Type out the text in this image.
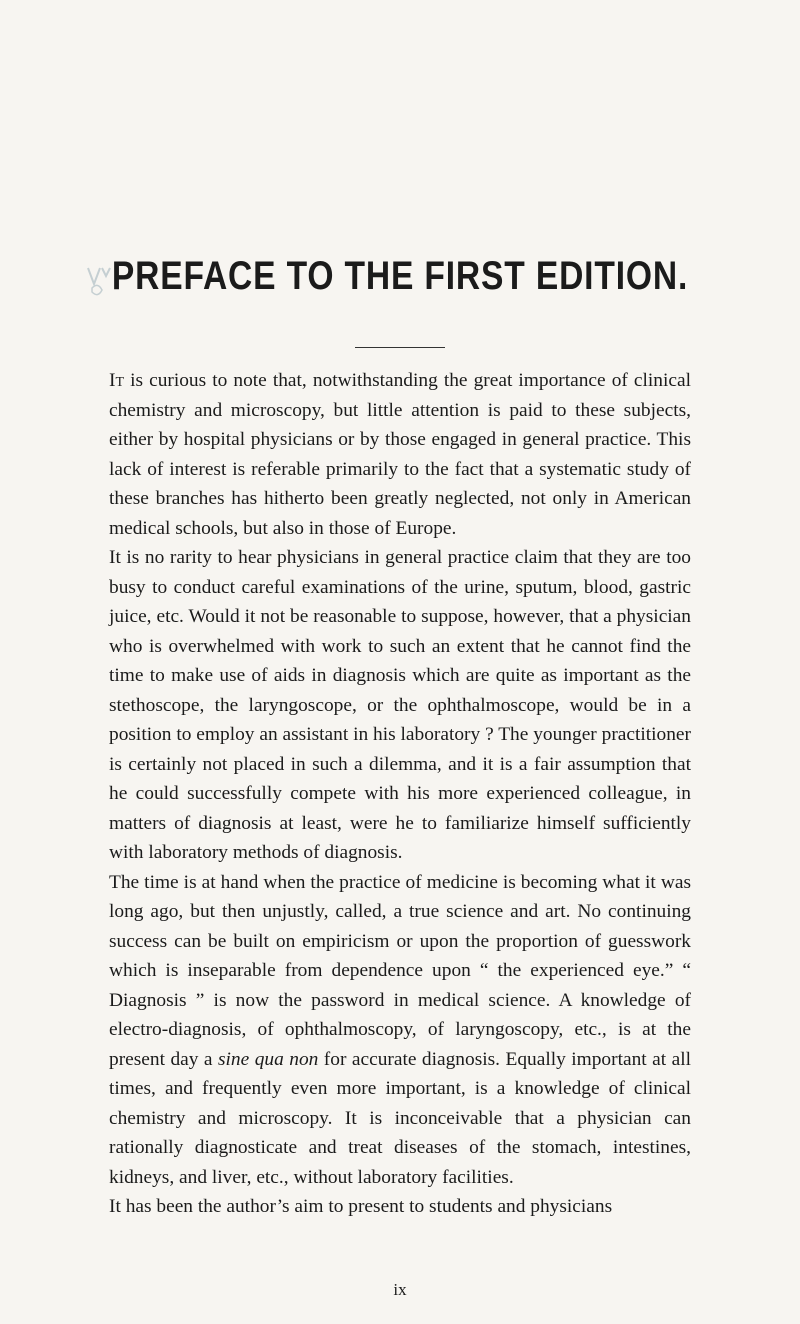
PREFACE TO THE FIRST EDITION.

It is curious to note that, notwithstanding the great importance of clinical chemistry and microscopy, but little attention is paid to these subjects, either by hospital physicians or by those engaged in general practice. This lack of interest is referable primarily to the fact that a systematic study of these branches has hitherto been greatly neglected, not only in American medical schools, but also in those of Europe.

It is no rarity to hear physicians in general practice claim that they are too busy to conduct careful examinations of the urine, sputum, blood, gastric juice, etc. Would it not be reasonable to suppose, however, that a physician who is overwhelmed with work to such an extent that he cannot find the time to make use of aids in diagnosis which are quite as important as the stethoscope, the laryngoscope, or the ophthalmoscope, would be in a position to employ an assistant in his laboratory ? The younger practitioner is certainly not placed in such a dilemma, and it is a fair assumption that he could successfully compete with his more experienced colleague, in matters of diagnosis at least, were he to familiarize himself sufficiently with laboratory methods of diagnosis.

The time is at hand when the practice of medicine is becoming what it was long ago, but then unjustly, called, a true science and art. No continuing success can be built on empiricism or upon the proportion of guesswork which is inseparable from dependence upon “ the experienced eye.” “ Diagnosis ” is now the password in medical science. A knowledge of electro-diagnosis, of ophthalmoscopy, of laryngoscopy, etc., is at the present day a sine qua non for accurate diagnosis. Equally important at all times, and frequently even more important, is a knowledge of clinical chemistry and microscopy. It is inconceivable that a physician can rationally diagnosticate and treat diseases of the stomach, intestines, kidneys, and liver, etc., without laboratory facilities.

It has been the author’s aim to present to students and physicians

ix
